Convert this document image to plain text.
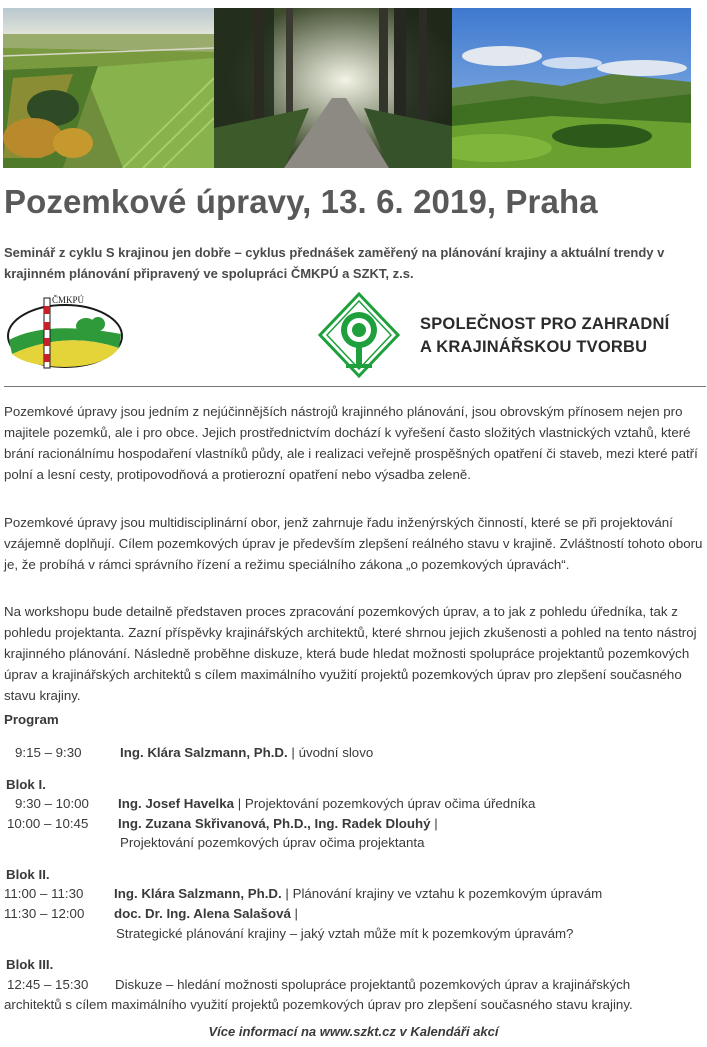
Pozemkové úpravy, 13. 6. 2019, Praha

Seminář z cyklu S krajinou jen dobře – cyklus přednášek zaměřený na plánování krajiny a aktuální trendy v krajinném plánování připravený ve spolupráci ČMKPÚ a SZKT, z.s.

ČMKPÚ

SPOLEČNOST PRO ZAHRADNÍ
A KRAJINÁŘSKOU TVORBU

Pozemkové úpravy jsou jedním z nejúčinnějších nástrojů krajinného plánování, jsou obrovským přínosem nejen pro majitele pozemků, ale i pro obce. Jejich prostřednictvím dochází k vyřešení často složitých vlastnických vztahů, které brání racionálnímu hospodaření vlastníků půdy, ale i realizaci veřejně prospěšných opatření či staveb, mezi které patří polní a lesní cesty, protipovodňová a protierozní opatření nebo výsadba zeleně.

Pozemkové úpravy jsou multidisciplinární obor, jenž zahrnuje řadu inženýrských činností, které se při projektování vzájemně doplňují. Cílem pozemkových úprav je především zlepšení reálného stavu v krajině. Zvláštností tohoto oboru je, že probíhá v rámci správního řízení a režimu speciálního zákona „o pozemkových úpravách“.

Na workshopu bude detailně představen proces zpracování pozemkových úprav, a to jak z pohledu úředníka, tak z pohledu projektanta. Zazní příspěvky krajinářských architektů, které shrnou jejich zkušenosti a pohled na tento nástroj krajinného plánování. Následně proběhne diskuze, která bude hledat možnosti spolupráce projektantů pozemkových úprav a krajinářských architektů s cílem maximálního využití projektů pozemkových úprav pro zlepšení současného stavu krajiny.

Program
9:15 – 9:30	Ing. Klára Salzmann, Ph.D. | úvodní slovo
Blok I.
9:30 – 10:00 Ing. Josef Havelka | Projektování pozemkových úprav očima úředníka
10:00 – 10:45 Ing. Zuzana Skřivanová, Ph.D., Ing. Radek Dlouhý |
Projektování pozemkových úprav očima projektanta
Blok II.
11:00 – 11:30 Ing. Klára Salzmann, Ph.D. | Plánování krajiny ve vztahu k pozemkovým úpravám
11:30 – 12:00 doc. Dr. Ing. Alena Salašová |
Strategické plánování krajiny – jaký vztah může mít k pozemkovým úpravám?
Blok III.
12:45 – 15:30 Diskuze – hledání možnosti spolupráce projektantů pozemkových úprav a krajinářských
architektů s cílem maximálního využití projektů pozemkových úprav pro zlepšení současného stavu krajiny.
Více informací na www.szkt.cz v Kalendáři akcí
